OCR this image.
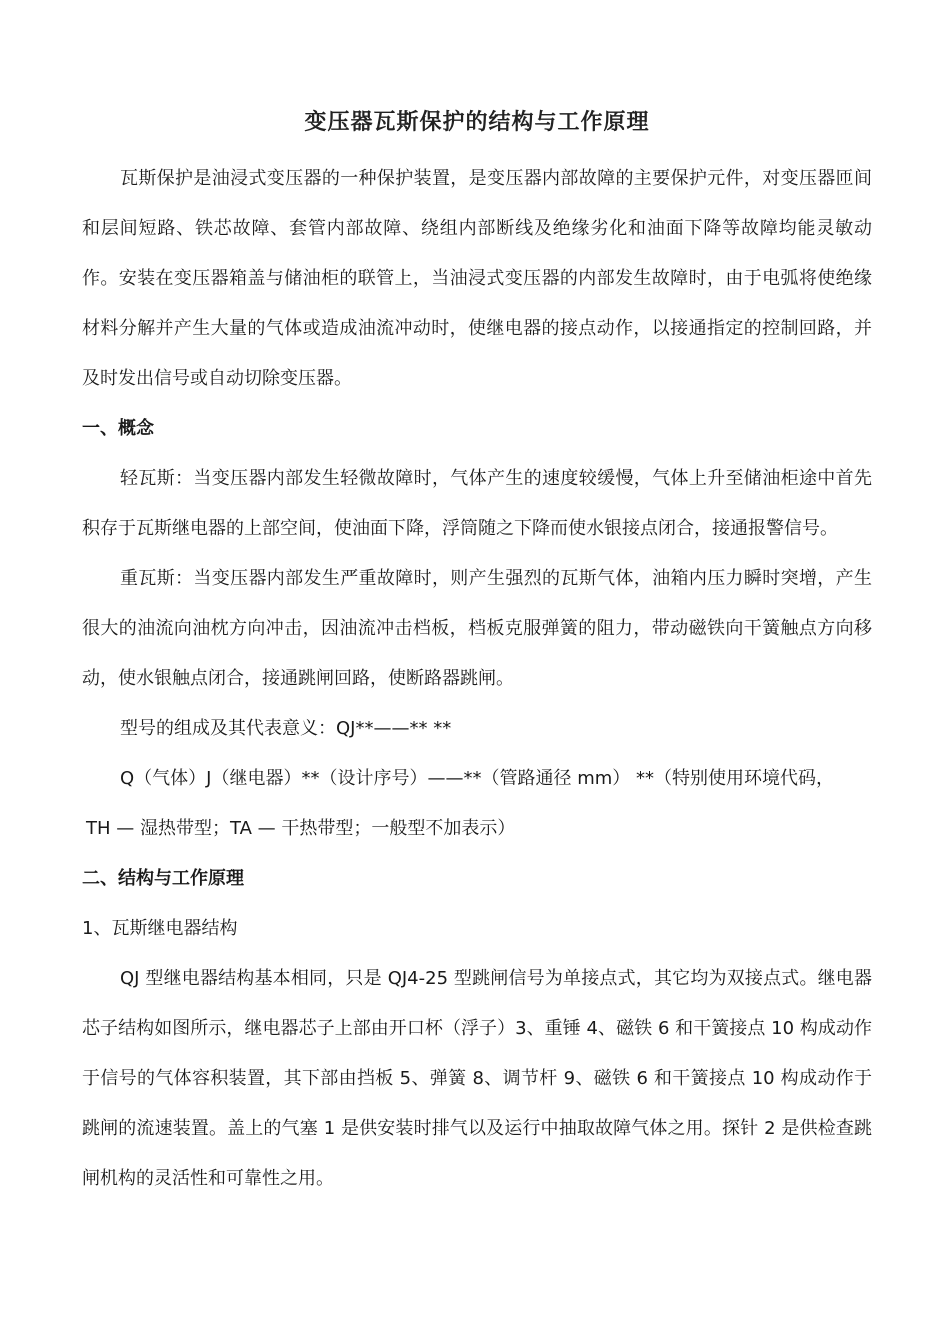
变压器瓦斯保护的结构与工作原理

瓦斯保护是油浸式变压器的一种保护装置，是变压器内部故障的主要保护元件，对变压器匝间和层间短路、铁芯故障、套管内部故障、绕组内部断线及绝缘劣化和油面下降等故障均能灵敏动作。安装在变压器箱盖与储油柜的联管上，当油浸式变压器的内部发生故障时，由于电弧将使绝缘材料分解并产生大量的气体或造成油流冲动时，使继电器的接点动作，以接通指定的控制回路，并及时发出信号或自动切除变压器。

一、概念

轻瓦斯：当变压器内部发生轻微故障时，气体产生的速度较缓慢，气体上升至储油柜途中首先积存于瓦斯继电器的上部空间，使油面下降，浮筒随之下降而使水银接点闭合，接通报警信号。

重瓦斯：当变压器内部发生严重故障时，则产生强烈的瓦斯气体，油箱内压力瞬时突增，产生很大的油流向油枕方向冲击，因油流冲击档板，档板克服弹簧的阻力，带动磁铁向干簧触点方向移动，使水银触点闭合，接通跳闸回路，使断路器跳闸。

型号的组成及其代表意义：QJ**——** **

Q（气体）J（继电器）**（设计序号）——**（管路通径 mm） **（特别使用环境代码，

TH — 湿热带型；TA — 干热带型；一般型不加表示）

二、结构与工作原理

1、瓦斯继电器结构

QJ 型继电器结构基本相同，只是 QJ4-25 型跳闸信号为单接点式，其它均为双接点式。继电器芯子结构如图所示，继电器芯子上部由开口杯（浮子）3、重锤 4、磁铁 6 和干簧接点 10 构成动作于信号的气体容积装置，其下部由挡板 5、弹簧 8、调节杆 9、磁铁 6 和干簧接点 10 构成动作于跳闸的流速装置。盖上的气塞 1 是供安装时排气以及运行中抽取故障气体之用。探针 2 是供检查跳闸机构的灵活性和可靠性之用。
